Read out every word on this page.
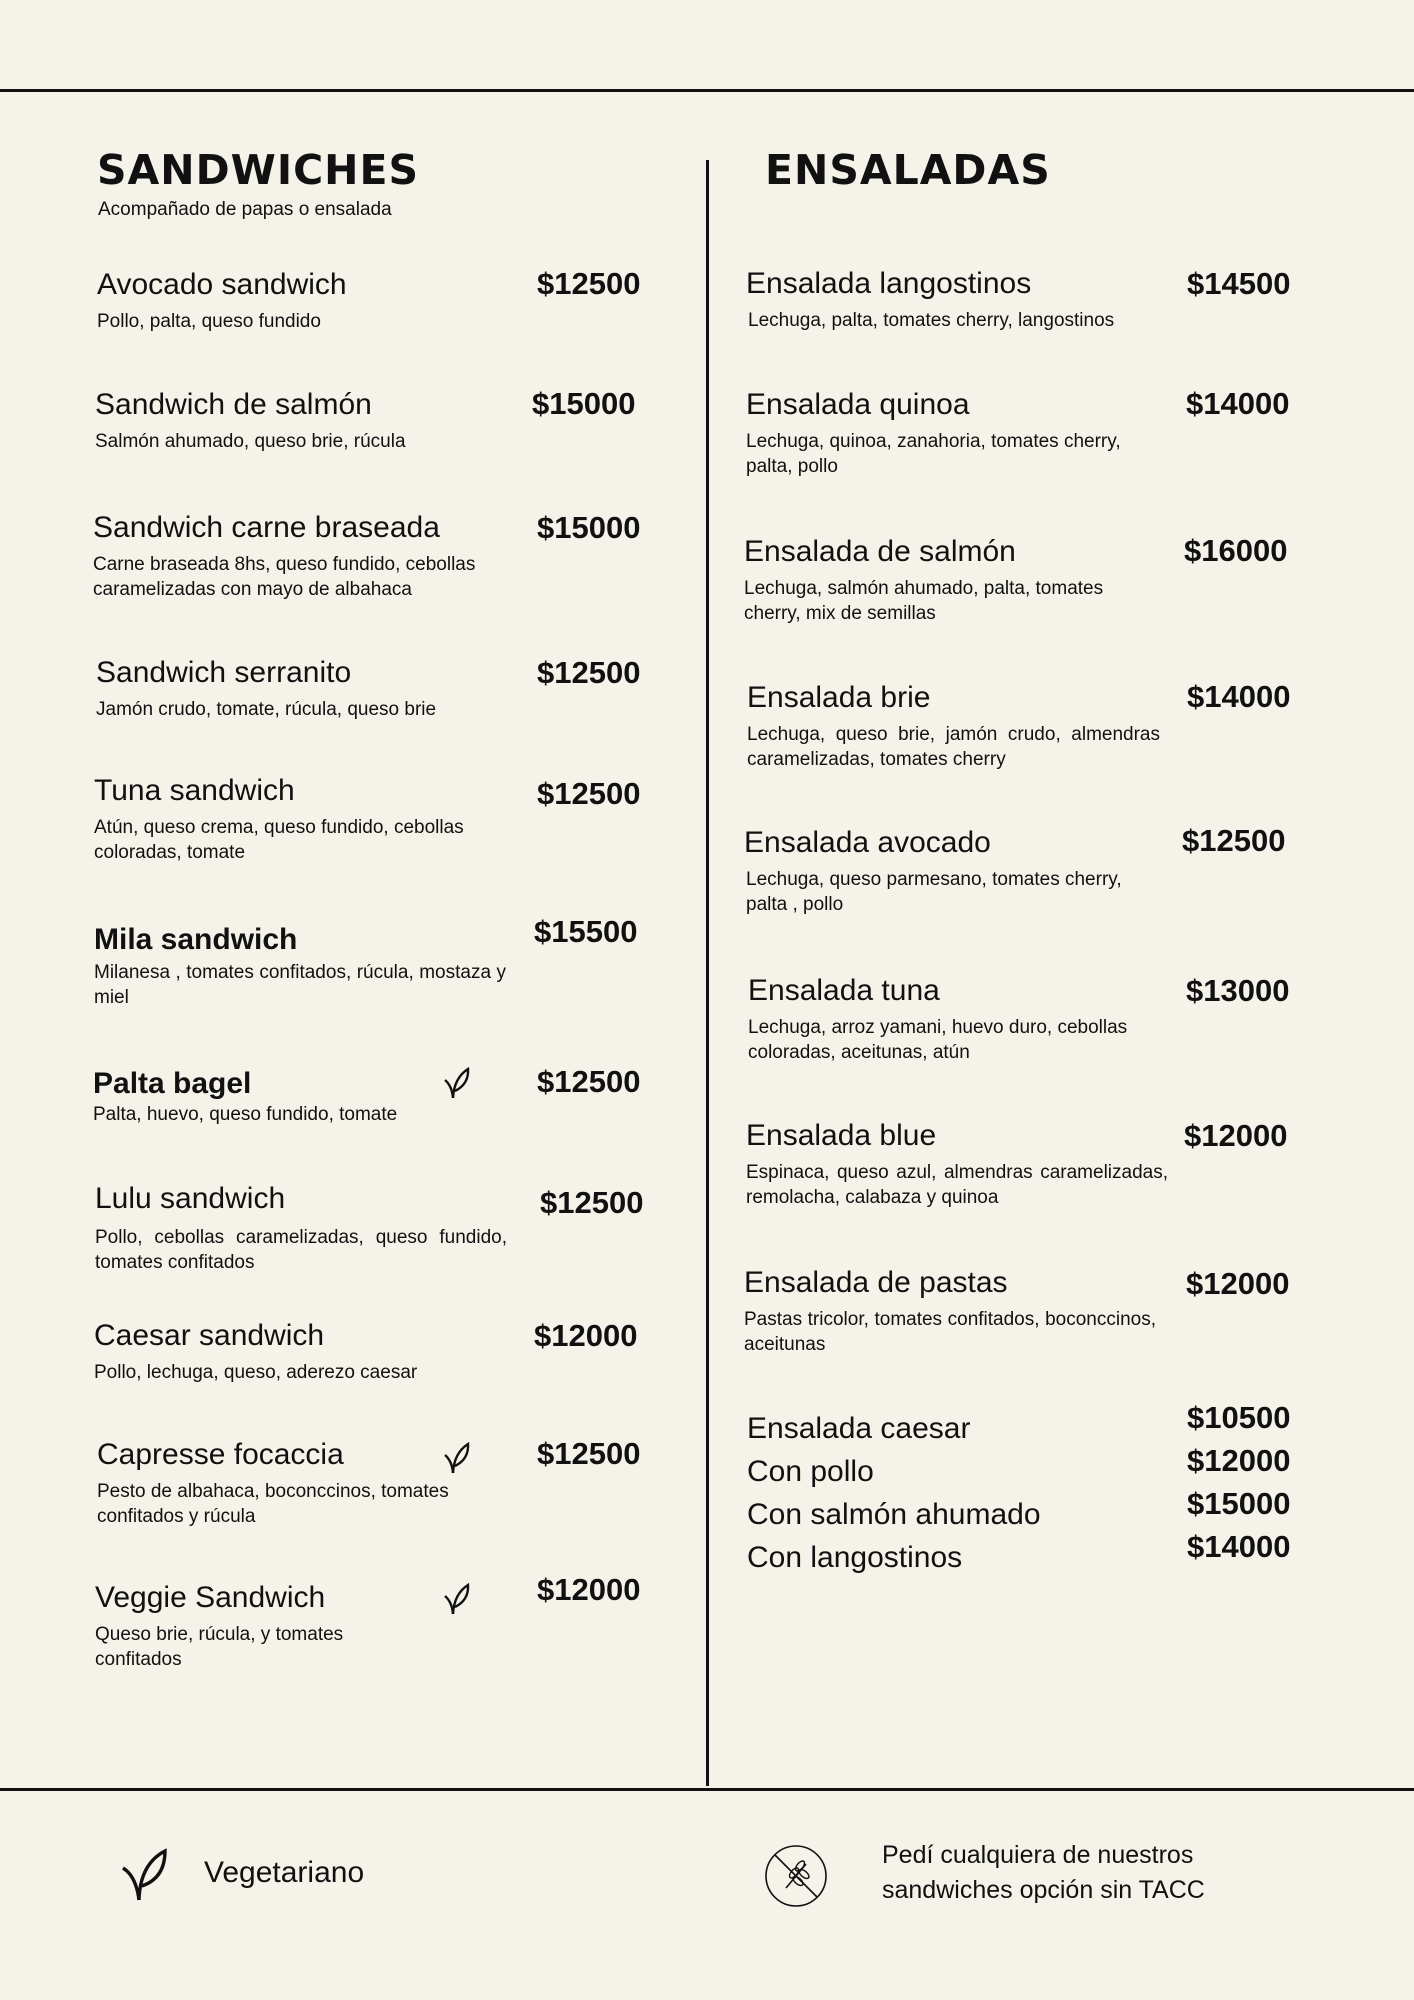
SANDWICHES
Acompañado de papas o ensalada
Avocado sandwich
Pollo, palta, queso fundido
$12500
Sandwich de salmón
Salmón ahumado, queso brie, rúcula
$15000
Sandwich carne braseada
Carne braseada 8hs, queso fundido, cebollas caramelizadas con mayo de albahaca
$15000
Sandwich serranito
Jamón crudo, tomate, rúcula, queso brie
$12500
Tuna sandwich
Atún, queso crema, queso fundido, cebollas coloradas, tomate
$12500
Mila sandwich
Milanesa , tomates confitados, rúcula, mostaza y miel
$15500
Palta bagel
Palta, huevo, queso fundido, tomate
$12500
Lulu sandwich
Pollo, cebollas caramelizadas, queso fundido, tomates confitados
$12500
Caesar sandwich
Pollo, lechuga, queso, aderezo caesar
$12000
Capresse focaccia
Pesto de albahaca, boconccinos, tomates confitados y rúcula
$12500
Veggie Sandwich
Queso brie, rúcula, y tomates confitados
$12000
ENSALADAS
Ensalada langostinos
Lechuga, palta, tomates cherry, langostinos
$14500
Ensalada quinoa
Lechuga, quinoa, zanahoria, tomates cherry, palta, pollo
$14000
Ensalada de salmón
Lechuga, salmón ahumado, palta, tomates cherry, mix de semillas
$16000
Ensalada brie
Lechuga, queso brie, jamón crudo, almendras caramelizadas, tomates cherry
$14000
Ensalada avocado
Lechuga, queso parmesano, tomates cherry, palta , pollo
$12500
Ensalada tuna
Lechuga, arroz yamani, huevo duro, cebollas coloradas, aceitunas, atún
$13000
Ensalada blue
Espinaca, queso azul, almendras caramelizadas, remolacha, calabaza y quinoa
$12000
Ensalada de pastas
Pastas tricolor, tomates confitados, boconccinos, aceitunas
$12000
Ensalada caesar
Con pollo
Con salmón ahumado
Con langostinos
$10500
$12000
$15000
$14000
Vegetariano
Pedí cualquiera de nuestros sandwiches opción sin TACC
